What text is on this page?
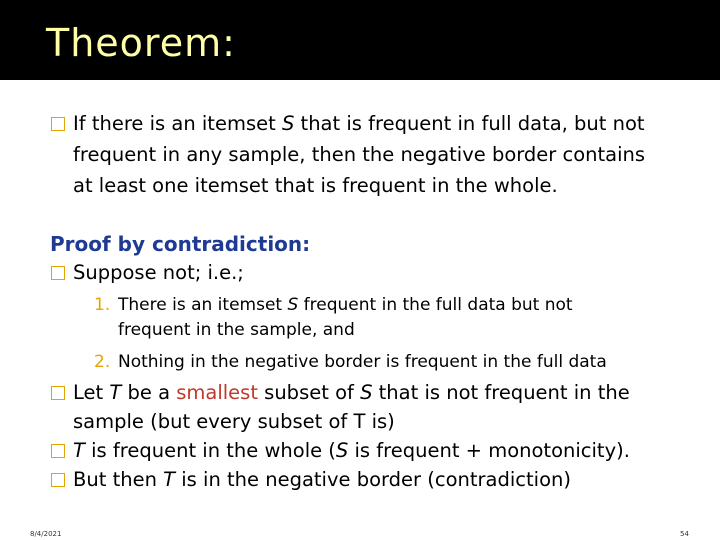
Theorem:
If there is an itemset S that is frequent in full data, but not
frequent in any sample, then the negative border contains
at least one itemset that is frequent in the whole.
Proof by contradiction:
Suppose not; i.e.;
1. There is an itemset S frequent in the full data but not
frequent in the sample, and
2. Nothing in the negative border is frequent in the full data
Let T be a smallest subset of S that is not frequent in the
sample (but every subset of T is)
T is frequent in the whole (S is frequent + monotonicity).
But then T is in the negative border (contradiction)
8/4/2021	54
